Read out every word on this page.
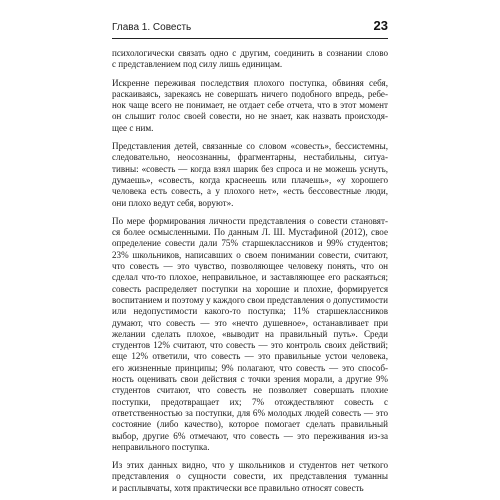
Глава 1. Совесть	23
психологически связать одно с другим, соединить в сознании слово
с представлением под силу лишь единицам.
Искренне переживая последствия плохого поступка, обвиняя себя,
раскаиваясь, зарекаясь не совершать ничего подобного впредь, ребе-
нок чаще всего не понимает, не отдает себе отчета, что в этот момент
он слышит голос своей совести, но не знает, как назвать происходя-
щее с ним.
Представления детей, связанные со словом «совесть», бессистемны,
следовательно, неосознанны, фрагментарны, нестабильны, ситуа-
тивны: «совесть — когда взял шарик без спроса и не можешь уснуть,
думаешь», «совесть, когда краснеешь или плачешь», «у хорошего
человека есть совесть, а у плохого нет», «есть бессовестные люди,
они плохо ведут себя, воруют».
По мере формирования личности представления о совести становят-
ся более осмысленными. По данным Л. Ш. Мустафиной (2012), свое
определение совести дали 75% старшеклассников и 99% студентов;
23% школьников, написавших о своем понимании совести, считают,
что совесть — это чувство, позволяющее человеку понять, что он
сделал что-то плохое, неправильное, и заставляющее его раскаяться;
совесть распределяет поступки на хорошие и плохие, формируется
воспитанием и поэтому у каждого свои представления о допустимости
или недопустимости какого-то поступка; 11% старшеклассников
думают, что совесть — это «нечто душевное», останавливает при
желании сделать плохое, «выводит на правильный путь». Среди
студентов 12% считают, что совесть — это контроль своих действий;
еще 12% ответили, что совесть — это правильные устои человека,
его жизненные принципы; 9% полагают, что совесть — это способ-
ность оценивать свои действия с точки зрения морали, а другие 9%
студентов считают, что совесть не позволяет совершать плохие
поступки, предотвращает их; 7% отождествляют совесть с
ответственностью за поступки, для 6% молодых людей совесть — это
состояние (либо качество), которое помогает сделать правильный
выбор, другие 6% отмечают, что совесть — это переживания из-за
неправильного поступка.
Из этих данных видно, что у школьников и студентов нет четкого
представления о сущности совести, их представления туманны
и расплывчаты, хотя практически все правильно относят совесть
